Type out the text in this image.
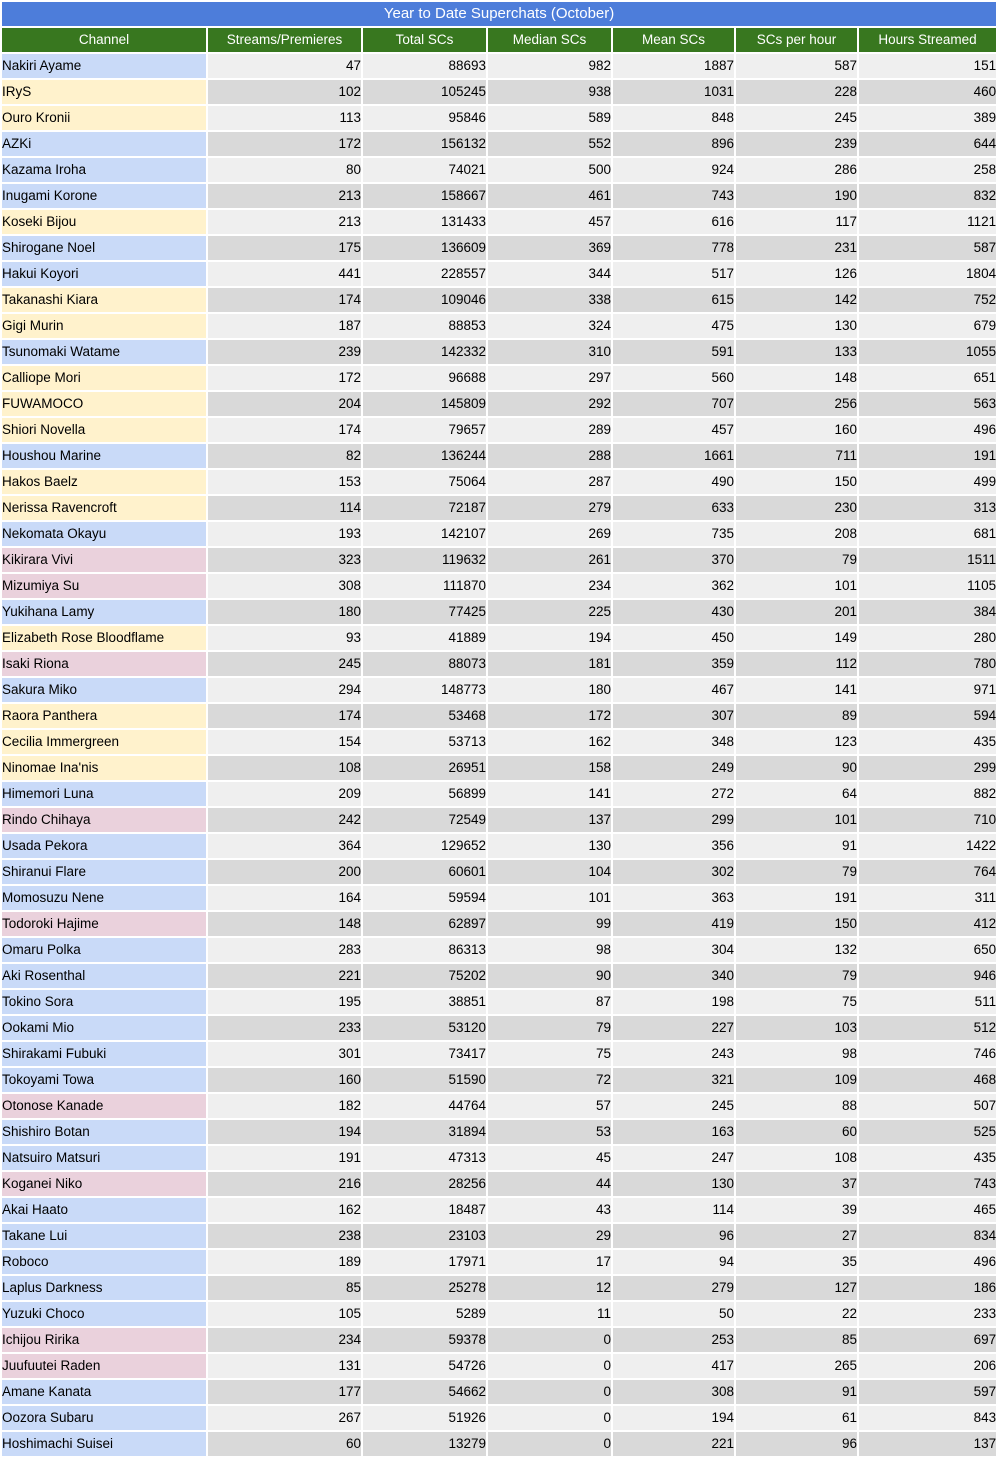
Year to Date Superchats (October)						
Channel	Streams/Premieres	Total SCs	Median SCs	Mean SCs	SCs per hour	Hours Streamed
Nakiri Ayame	47	88693	982	1887	587	151
IRyS	102	105245	938	1031	228	460
Ouro Kronii	113	95846	589	848	245	389
AZKi	172	156132	552	896	239	644
Kazama Iroha	80	74021	500	924	286	258
Inugami Korone	213	158667	461	743	190	832
Koseki Bijou	213	131433	457	616	117	1121
Shirogane Noel	175	136609	369	778	231	587
Hakui Koyori	441	228557	344	517	126	1804
Takanashi Kiara	174	109046	338	615	142	752
Gigi Murin	187	88853	324	475	130	679
Tsunomaki Watame	239	142332	310	591	133	1055
Calliope Mori	172	96688	297	560	148	651
FUWAMOCO	204	145809	292	707	256	563
Shiori Novella	174	79657	289	457	160	496
Houshou Marine	82	136244	288	1661	711	191
Hakos Baelz	153	75064	287	490	150	499
Nerissa Ravencroft	114	72187	279	633	230	313
Nekomata Okayu	193	142107	269	735	208	681
Kikirara Vivi	323	119632	261	370	79	1511
Mizumiya Su	308	111870	234	362	101	1105
Yukihana Lamy	180	77425	225	430	201	384
Elizabeth Rose Bloodflame	93	41889	194	450	149	280
Isaki Riona	245	88073	181	359	112	780
Sakura Miko	294	148773	180	467	141	971
Raora Panthera	174	53468	172	307	89	594
Cecilia Immergreen	154	53713	162	348	123	435
Ninomae Ina'nis	108	26951	158	249	90	299
Himemori Luna	209	56899	141	272	64	882
Rindo Chihaya	242	72549	137	299	101	710
Usada Pekora	364	129652	130	356	91	1422
Shiranui Flare	200	60601	104	302	79	764
Momosuzu Nene	164	59594	101	363	191	311
Todoroki Hajime	148	62897	99	419	150	412
Omaru Polka	283	86313	98	304	132	650
Aki Rosenthal	221	75202	90	340	79	946
Tokino Sora	195	38851	87	198	75	511
Ookami Mio	233	53120	79	227	103	512
Shirakami Fubuki	301	73417	75	243	98	746
Tokoyami Towa	160	51590	72	321	109	468
Otonose Kanade	182	44764	57	245	88	507
Shishiro Botan	194	31894	53	163	60	525
Natsuiro Matsuri	191	47313	45	247	108	435
Koganei Niko	216	28256	44	130	37	743
Akai Haato	162	18487	43	114	39	465
Takane Lui	238	23103	29	96	27	834
Roboco	189	17971	17	94	35	496
Laplus Darkness	85	25278	12	279	127	186
Yuzuki Choco	105	5289	11	50	22	233
Ichijou Ririka	234	59378	0	253	85	697
Juufuutei Raden	131	54726	0	417	265	206
Amane Kanata	177	54662	0	308	91	597
Oozora Subaru	267	51926	0	194	61	843
Hoshimachi Suisei	60	13279	0	221	96	137
